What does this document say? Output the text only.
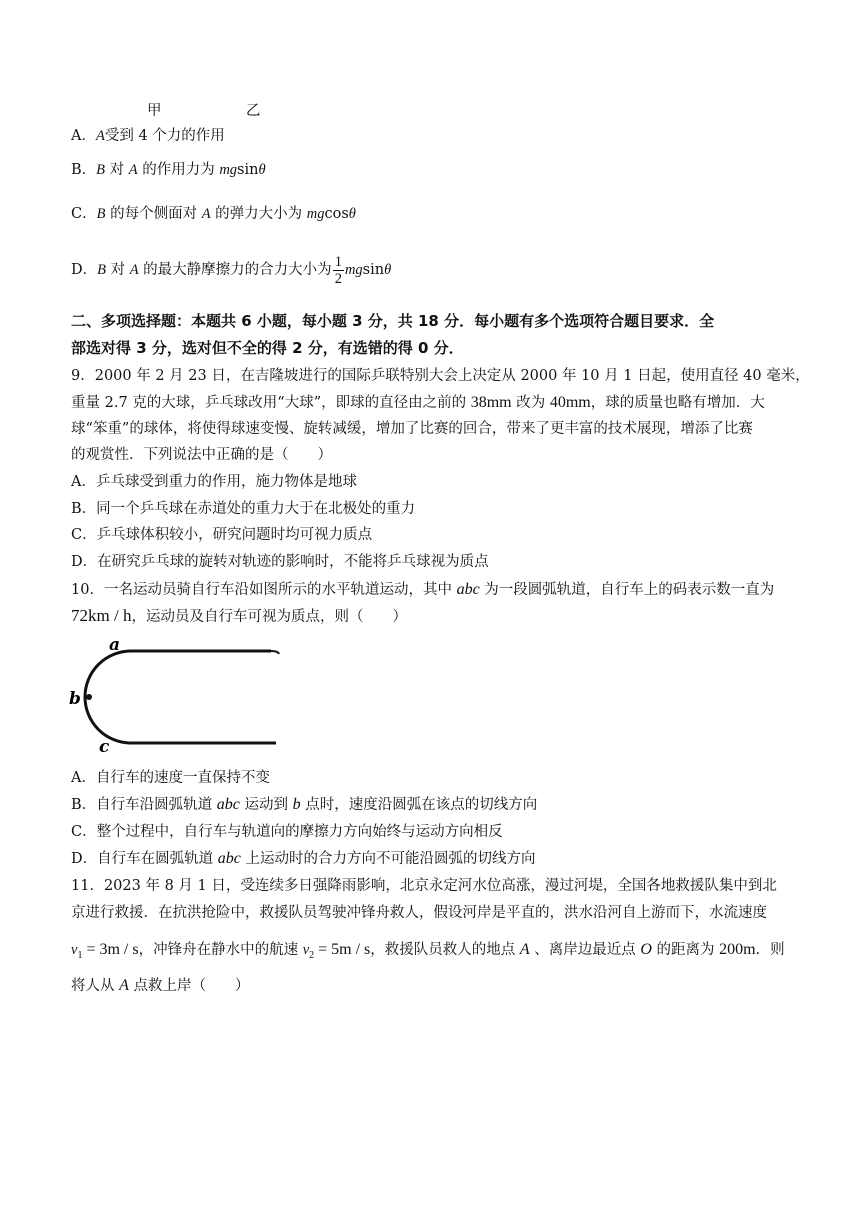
甲	乙
A．A受到 4 个力的作用
B．B 对 A 的作用力为 mgsinθ
C．B 的每个侧面对 A 的弹力大小为 mgcosθ
D．B 对 A 的最大静摩擦力的合力大小为 $\frac{1}{2}$ mgsinθ
二、多项选择题：本题共 6 小题，每小题 3 分，共 18 分．每小题有多个选项符合题目要求．全
部选对得 3 分，选对但不全的得 2 分，有选错的得 0 分．
9．2000 年 2 月 23 日，在吉隆坡进行的国际乒联特别大会上决定从 2000 年 10 月 1 日起，使用直径 40 毫米，
重量 2.7 克的大球，乒乓球改用“大球”，即球的直径由之前的 38mm 改为 40mm，球的质量也略有增加．大
球“笨重”的球体，将使得球速变慢、旋转减缓，增加了比赛的回合，带来了更丰富的技术展现，增添了比赛
的观赏性．下列说法中正确的是（　　）
A．乒乓球受到重力的作用，施力物体是地球
B．同一个乒乓球在赤道处的重力大于在北极处的重力
C．乒乓球体积较小，研究问题时均可视力质点
D．在研究乒乓球的旋转对轨迹的影响时，不能将乒乓球视为质点
10．一名运动员骑自行车沿如图所示的水平轨道运动，其中 abc 为一段圆弧轨道，自行车上的码表示数一直为
72km / h，运动员及自行车可视为质点，则（　　）
a
b
c
A．自行车的速度一直保持不变
B．自行车沿圆弧轨道 abc 运动到 b 点时，速度沿圆弧在该点的切线方向
C．整个过程中，自行车与轨道向的摩擦力方向始终与运动方向相反
D．自行车在圆弧轨道 abc 上运动时的合力方向不可能沿圆弧的切线方向
11．2023 年 8 月 1 日，受连续多日强降雨影响，北京永定河水位高涨，漫过河堤，全国各地救援队集中到北
京进行救援．在抗洪抢险中，救援队员驾驶冲锋舟救人，假设河岸是平直的，洪水沿河自上游而下，水流速度
$v_1 = 3m / s$，冲锋舟在静水中的航速 $v_2 = 5m / s$，救援队员救人的地点 A 、离岸边最近点 O 的距离为 200m．则
将人从 A 点救上岸（　　）
